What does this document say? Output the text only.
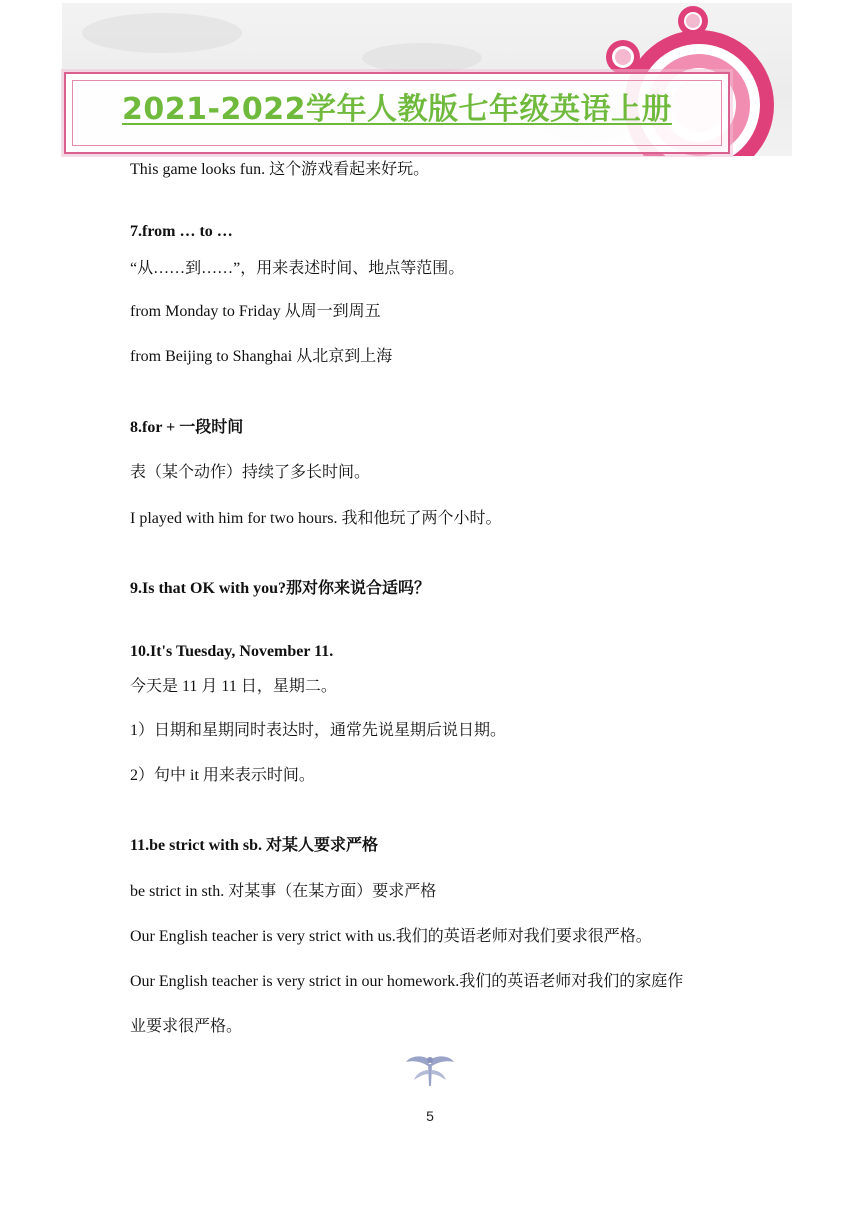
2021-2022学年人教版七年级英语上册
This game looks fun. 这个游戏看起来好玩。
7.from … to …
“从……到……”，用来表述时间、地点等范围。
from Monday to Friday 从周一到周五
from Beijing to Shanghai 从北京到上海
8.for + 一段时间
表（某个动作）持续了多长时间。
I played with him for two hours. 我和他玩了两个小时。
9.Is that OK with you?那对你来说合适吗？
10.It's Tuesday, November 11.
今天是 11 月 11 日，星期二。
1）日期和星期同时表达时，通常先说星期后说日期。
2）句中 it 用来表示时间。
11.be strict with sb. 对某人要求严格
be strict in sth. 对某事（在某方面）要求严格
Our English teacher is very strict with us.我们的英语老师对我们要求很严格。
Our English teacher is very strict in our homework.我们的英语老师对我们的家庭作
业要求很严格。
5
